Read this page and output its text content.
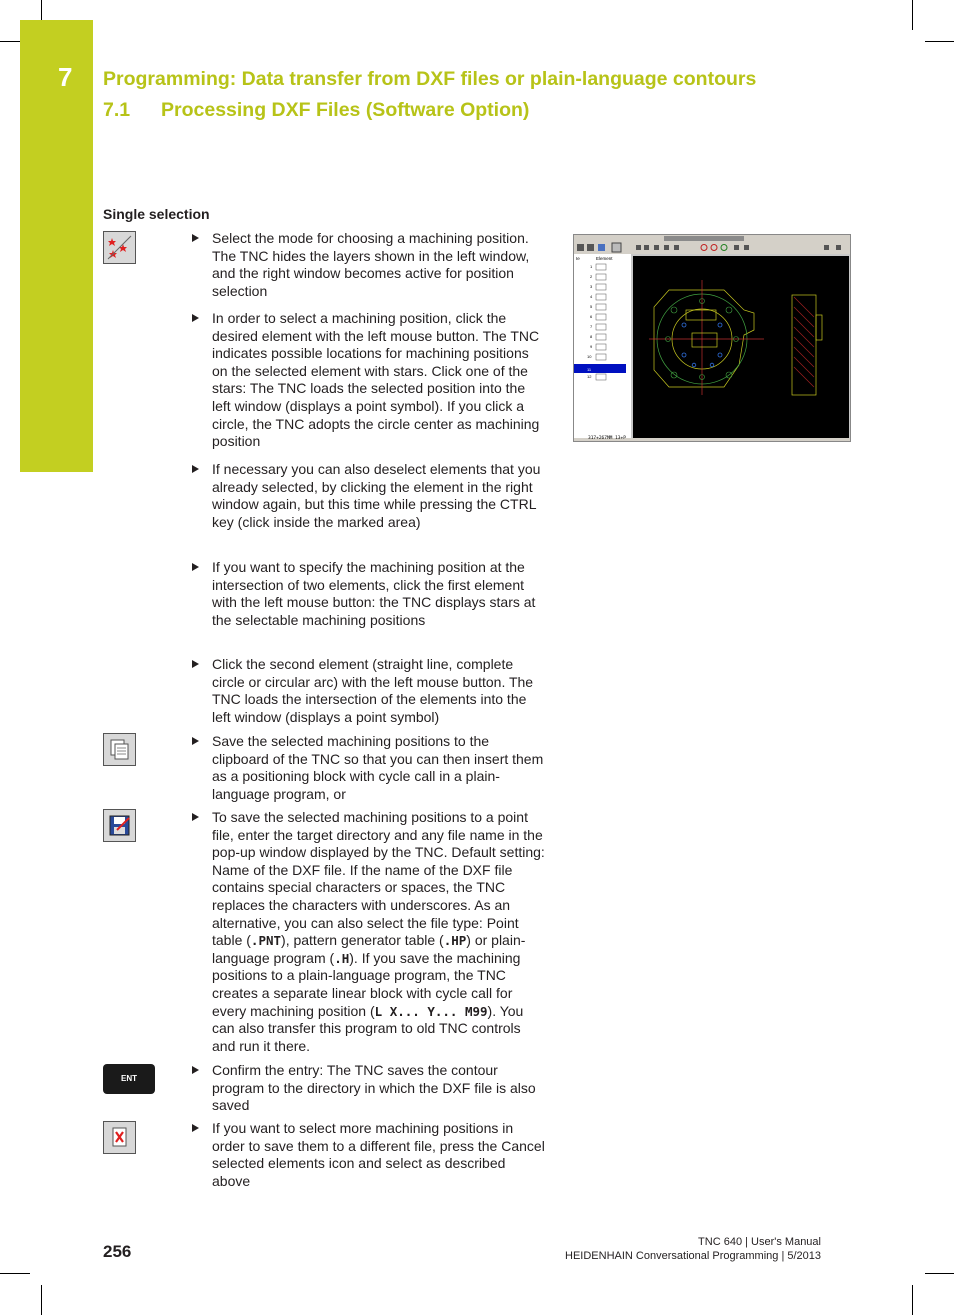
7 Programming: Data transfer from DXF files or plain-language contours
7.1 Processing DXF Files (Software Option)
Single selection
ENT
Select the mode for choosing a machining position. The TNC hides the layers shown in the left window, and the right window becomes active for position selection
In order to select a machining position, click the desired element with the left mouse button. The TNC indicates possible locations for machining positions on the selected element with stars. Click one of the stars: The TNC loads the selected position into the left window (displays a point symbol). If you click a circle, the TNC adopts the circle center as machining position
If necessary you can also deselect elements that you already selected, by clicking the element in the right window again, but this time while pressing the CTRL key (click inside the marked area)
If you want to specify the machining position at the intersection of two elements, click the first element with the left mouse button: the TNC displays stars at the selectable machining positions
Click the second element (straight line, complete circle or circular arc) with the left mouse button. The TNC loads the intersection of the elements into the left window (displays a point symbol)
Save the selected machining positions to the clipboard of the TNC so that you can then insert them as a positioning block with cycle call in a plain-language program, or
To save the selected machining positions to a point file, enter the target directory and any file name in the pop-up window displayed by the TNC. Default setting: Name of the DXF file. If the name of the DXF file contains special characters or spaces, the TNC replaces the characters with underscores. As an alternative, you can also select the file type: Point table (.PNT), pattern generator table (.HP) or plain-language program (.H). If you save the machining positions to a plain-language program, the TNC creates a separate linear block with cycle call for every machining position (L X... Y... M99). You can also transfer this program to old TNC controls and run it there.
Confirm the entry: The TNC saves the contour program to the directory in which the DXF file is also saved
If you want to select more machining positions in order to save them to a different file, press the Cancel selected elements icon and select as described above
Ie	Element
1
2
3
4
5
6
7
8
9
10
12
11
317+267MM 13+P
256	TNC 640 | User's Manual
HEIDENHAIN Conversational Programming | 5/2013
